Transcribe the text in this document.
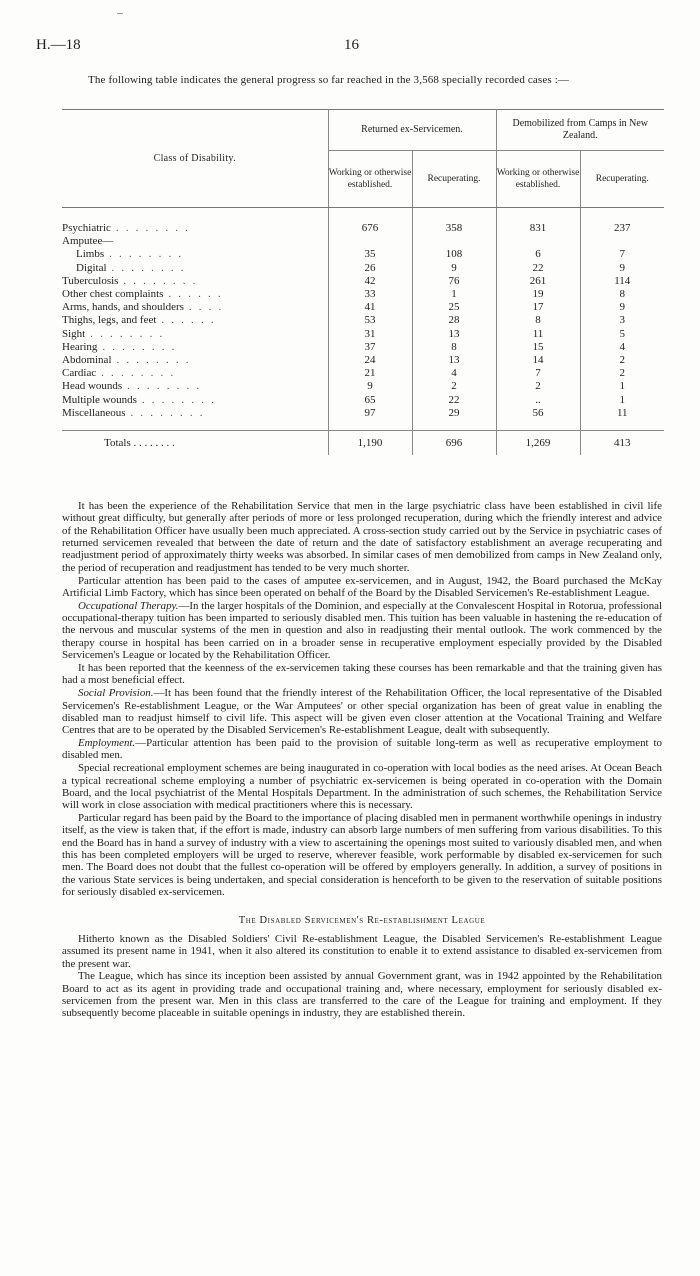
H.—18	16

The following table indicates the general progress so far reached in the 3,568 specially recorded cases :—

Class of Disability.	Returned ex-Servicemen.		Demobilized from Camps in New Zealand.	
	Working or otherwise established.	Recuperating.	Working or otherwise established.	Recuperating.

Psychiatric . . . . . . . .	676	358	831	237
Amputee—				
Limbs . . . . . . . .	35	108	6	7
Digital . . . . . . . .	26	9	22	9
Tuberculosis . . . . . . . .	42	76	261	114
Other chest complaints . . . . . .	33	1	19	8
Arms, hands, and shoulders . . . .	41	25	17	9
Thighs, legs, and feet . . . . . .	53	28	8	3
Sight . . . . . . . .	31	13	11	5
Hearing . . . . . . . .	37	8	15	4
Abdominal . . . . . . . .	24	13	14	2
Cardiac . . . . . . . .	21	4	7	2
Head wounds . . . . . . . .	9	2	2	1
Multiple wounds . . . . . . . .	65	22	..	1
Miscellaneous . . . . . . . .	97	29	56	11

Totals . . . . . . . .	1,190	696	1,269	413

It has been the experience of the Rehabilitation Service that men in the large psychiatric class have been established in civil life without great difficulty, but generally after periods of more or less prolonged recuperation, during which the friendly interest and advice of the Rehabilitation Officer have usually been much appreciated. A cross-section study carried out by the Service in psychiatric cases of returned servicemen revealed that between the date of return and the date of satisfactory establishment an average recuperating and readjustment period of approximately thirty weeks was absorbed. In similar cases of men demobilized from camps in New Zealand only, the period of recuperation and readjustment has tended to be very much shorter.

Particular attention has been paid to the cases of amputee ex-servicemen, and in August, 1942, the Board purchased the McKay Artificial Limb Factory, which has since been operated on behalf of the Board by the Disabled Servicemen's Re-establishment League.

Occupational Therapy.—In the larger hospitals of the Dominion, and especially at the Convalescent Hospital in Rotorua, professional occupational-therapy tuition has been imparted to seriously disabled men. This tuition has been valuable in hastening the re-education of the nervous and muscular systems of the men in question and also in readjusting their mental outlook. The work commenced by the therapy course in hospital has been carried on in a broader sense in recuperative employment especially provided by the Disabled Servicemen's League or located by the Rehabilitation Officer.

It has been reported that the keenness of the ex-servicemen taking these courses has been remarkable and that the training given has had a most beneficial effect.

Social Provision.—It has been found that the friendly interest of the Rehabilitation Officer, the local representative of the Disabled Servicemen's Re-establishment League, or the War Amputees' or other special organization has been of great value in enabling the disabled man to readjust himself to civil life. This aspect will be given even closer attention at the Vocational Training and Welfare Centres that are to be operated by the Disabled Servicemen's Re-establishment League, dealt with subsequently.

Employment.—Particular attention has been paid to the provision of suitable long-term as well as recuperative employment to disabled men.

Special recreational employment schemes are being inaugurated in co-operation with local bodies as the need arises. At Ocean Beach a typical recreational scheme employing a number of psychiatric ex-servicemen is being operated in co-operation with the Domain Board, and the local psychiatrist of the Mental Hospitals Department. In the administration of such schemes, the Rehabilitation Service will work in close association with medical practitioners where this is necessary.

Particular regard has been paid by the Board to the importance of placing disabled men in permanent worthwhile openings in industry itself, as the view is taken that, if the effort is made, industry can absorb large numbers of men suffering from various disabilities. To this end the Board has in hand a survey of industry with a view to ascertaining the openings most suited to variously disabled men, and when this has been completed employers will be urged to reserve, wherever feasible, work performable by disabled ex-servicemen for such men. The Board does not doubt that the fullest co-operation will be offered by employers generally. In addition, a survey of positions in the various State services is being undertaken, and special consideration is henceforth to be given to the reservation of suitable positions for seriously disabled ex-servicemen.

The Disabled Servicemen's Re-establishment League

Hitherto known as the Disabled Soldiers' Civil Re-establishment League, the Disabled Servicemen's Re-establishment League assumed its present name in 1941, when it also altered its constitution to enable it to extend assistance to disabled ex-servicemen from the present war.

The League, which has since its inception been assisted by annual Government grant, was in 1942 appointed by the Rehabilitation Board to act as its agent in providing trade and occupational training and, where necessary, employment for seriously disabled ex-servicemen from the present war. Men in this class are transferred to the care of the League for training and employment. If they subsequently become placeable in suitable openings in industry, they are established therein.
